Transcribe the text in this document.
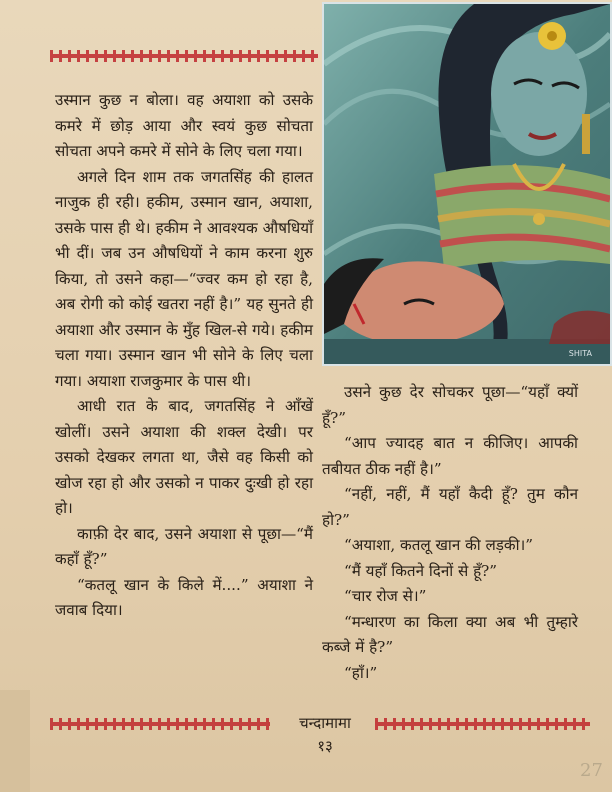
SHITA

उस्मान कुछ न बोला। वह अयाशा को उसके कमरे में छोड़ आया और स्वयं कुछ सोचता सोचता अपने कमरे में सोने के लिए चला गया।

अगले दिन शाम तक जगतसिंह की हालत नाजुक ही रही। हकीम, उस्मान खान, अयाशा, उसके पास ही थे। हकीम ने आवश्यक औषधियाँ भी दीं। जब उन औषधियों ने काम करना शुरु किया, तो उसने कहा—“ज्वर कम हो रहा है, अब रोगी को कोई खतरा नहीं है।” यह सुनते ही अयाशा और उस्मान के मुँह खिल-से गये। हकीम चला गया। उस्मान खान भी सोने के लिए चला गया। अयाशा राजकुमार के पास थी।

आधी रात के बाद, जगतसिंह ने आँखें खोलीं। उसने अयाशा की शक्ल देखी। पर उसको देखकर लगता था, जैसे वह किसी को खोज रहा हो और उसको न पाकर दुःखी हो रहा हो।

काफ़ी देर बाद, उसने अयाशा से पूछा—“मैं कहाँ हूँ?”

“कतलू खान के किले में....” अयाशा ने जवाब दिया।

उसने कुछ देर सोचकर पूछा—“यहाँ क्यों हूँ?”

“आप ज्यादह बात न कीजिए। आपकी तबीयत ठीक नहीं है।”

“नहीं, नहीं, मैं यहाँ कैदी हूँ? तुम कौन हो?”

“अयाशा, कतलू खान की लड़की।”

“मैं यहाँ कितने दिनों से हूँ?”

“चार रोज से।”

“मन्धारण का किला क्या अब भी तुम्हारे कब्जे में है?”

“हाँ।”

चन्दामामा
१३
27
